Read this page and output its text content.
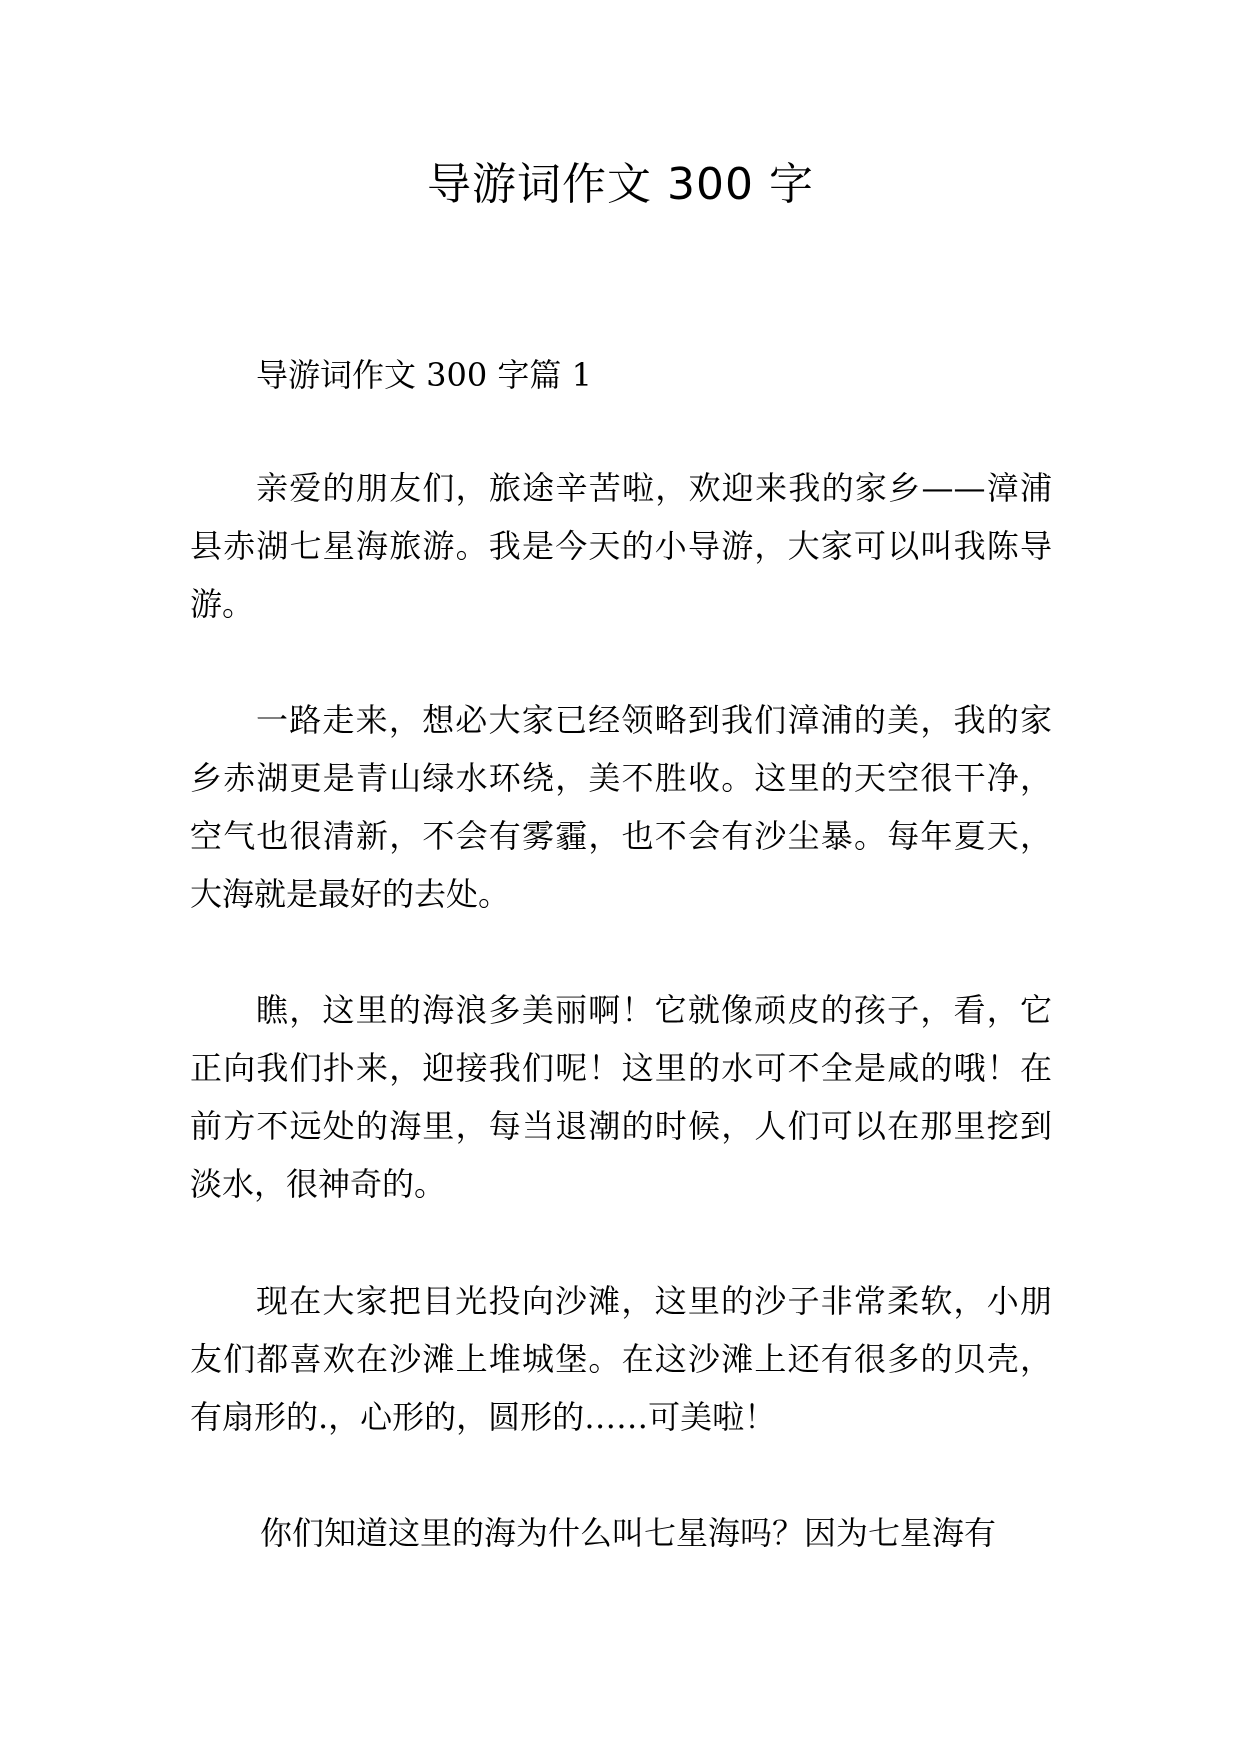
导游词作文 300 字

导游词作文 300 字篇 1

亲爱的朋友们，旅途辛苦啦，欢迎来我的家乡——漳浦县赤湖七星海旅游。我是今天的小导游，大家可以叫我陈导游。

一路走来，想必大家已经领略到我们漳浦的美，我的家乡赤湖更是青山绿水环绕，美不胜收。这里的天空很干净，空气也很清新，不会有雾霾，也不会有沙尘暴。每年夏天，大海就是最好的去处。

瞧，这里的海浪多美丽啊！它就像顽皮的孩子，看，它正向我们扑来，迎接我们呢！这里的水可不全是咸的哦！在前方不远处的海里，每当退潮的时候，人们可以在那里挖到淡水，很神奇的。

现在大家把目光投向沙滩，这里的沙子非常柔软，小朋友们都喜欢在沙滩上堆城堡。在这沙滩上还有很多的贝壳，有扇形的.，心形的，圆形的……可美啦！

你们知道这里的海为什么叫七星海吗？因为七星海有
